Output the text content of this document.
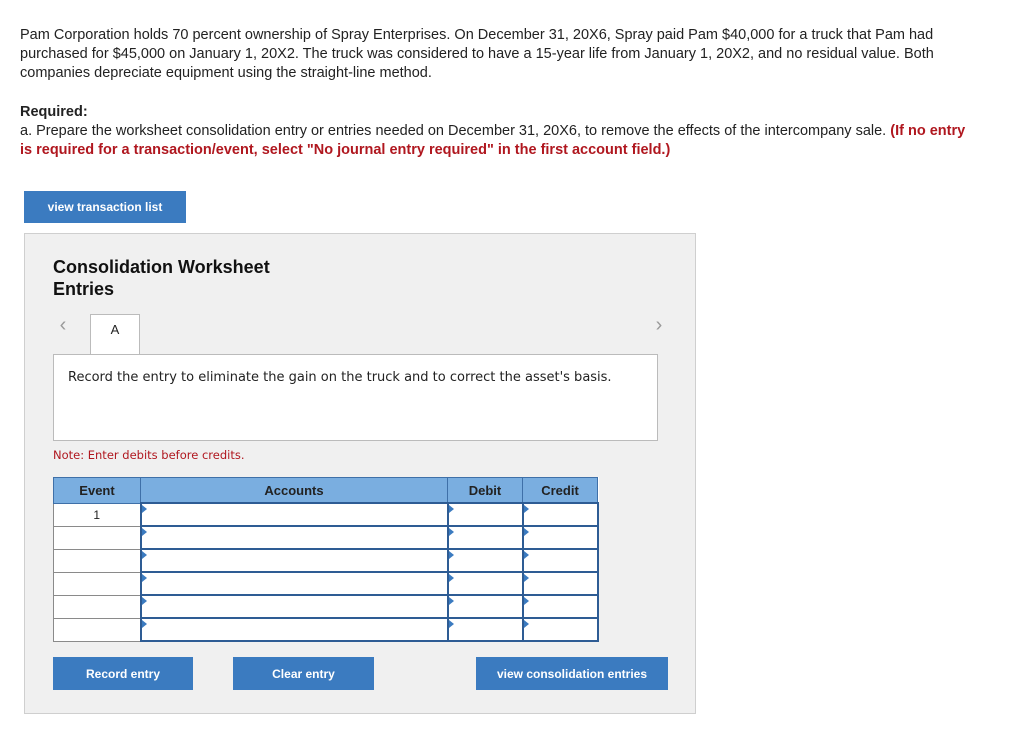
Pam Corporation holds 70 percent ownership of Spray Enterprises. On December 31, 20X6, Spray paid Pam $40,000 for a truck that Pam had purchased for $45,000 on January 1, 20X2. The truck was considered to have a 15-year life from January 1, 20X2, and no residual value. Both companies depreciate equipment using the straight-line method.

Required:

a. Prepare the worksheet consolidation entry or entries needed on December 31, 20X6, to remove the effects of the intercompany sale. (If no entry is required for a transaction/event, select "No journal entry required" in the first account field.)

view transaction list
Consolidation Worksheet Entries
‹	A	›
Record the entry to eliminate the gain on the truck and to correct the asset's basis.
Note: Enter debits before credits.
Event	Accounts	Debit	Credit
1	

Record entry	Clear entry	view consolidation entries
